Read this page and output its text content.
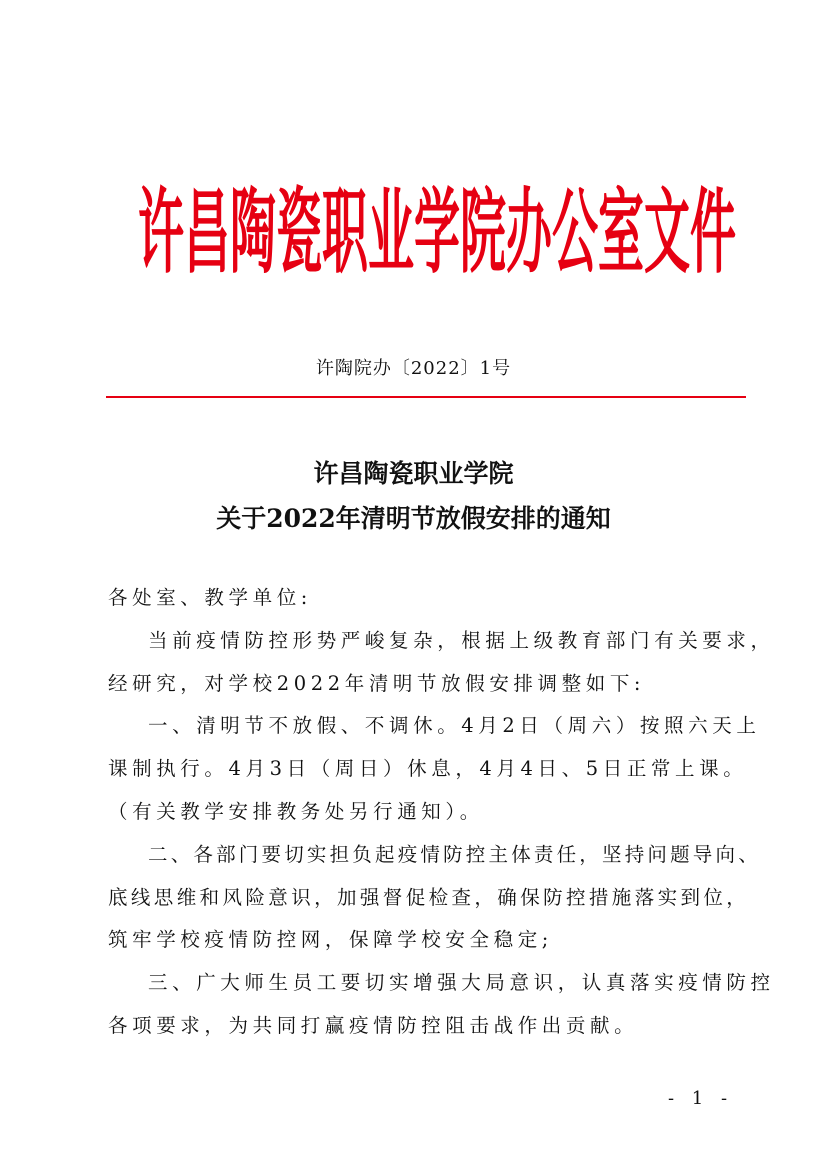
许昌陶瓷职业学院办公室文件
许陶院办〔2022〕1号
许昌陶瓷职业学院
关于2022年清明节放假安排的通知
各处室、教学单位:
当前疫情防控形势严峻复杂，根据上级教育部门有关要求，
经研究，对学校2022年清明节放假安排调整如下:
一、清明节不放假、不调休。4月2日（周六）按照六天上
课制执行。4月3日（周日）休息，4月4日、5日正常上课。
（有关教学安排教务处另行通知）。
二、各部门要切实担负起疫情防控主体责任，坚持问题导向、
底线思维和风险意识，加强督促检查，确保防控措施落实到位，
筑牢学校疫情防控网，保障学校安全稳定;
三、广大师生员工要切实增强大局意识，认真落实疫情防控
各项要求，为共同打赢疫情防控阻击战作出贡献。
- 1 -
